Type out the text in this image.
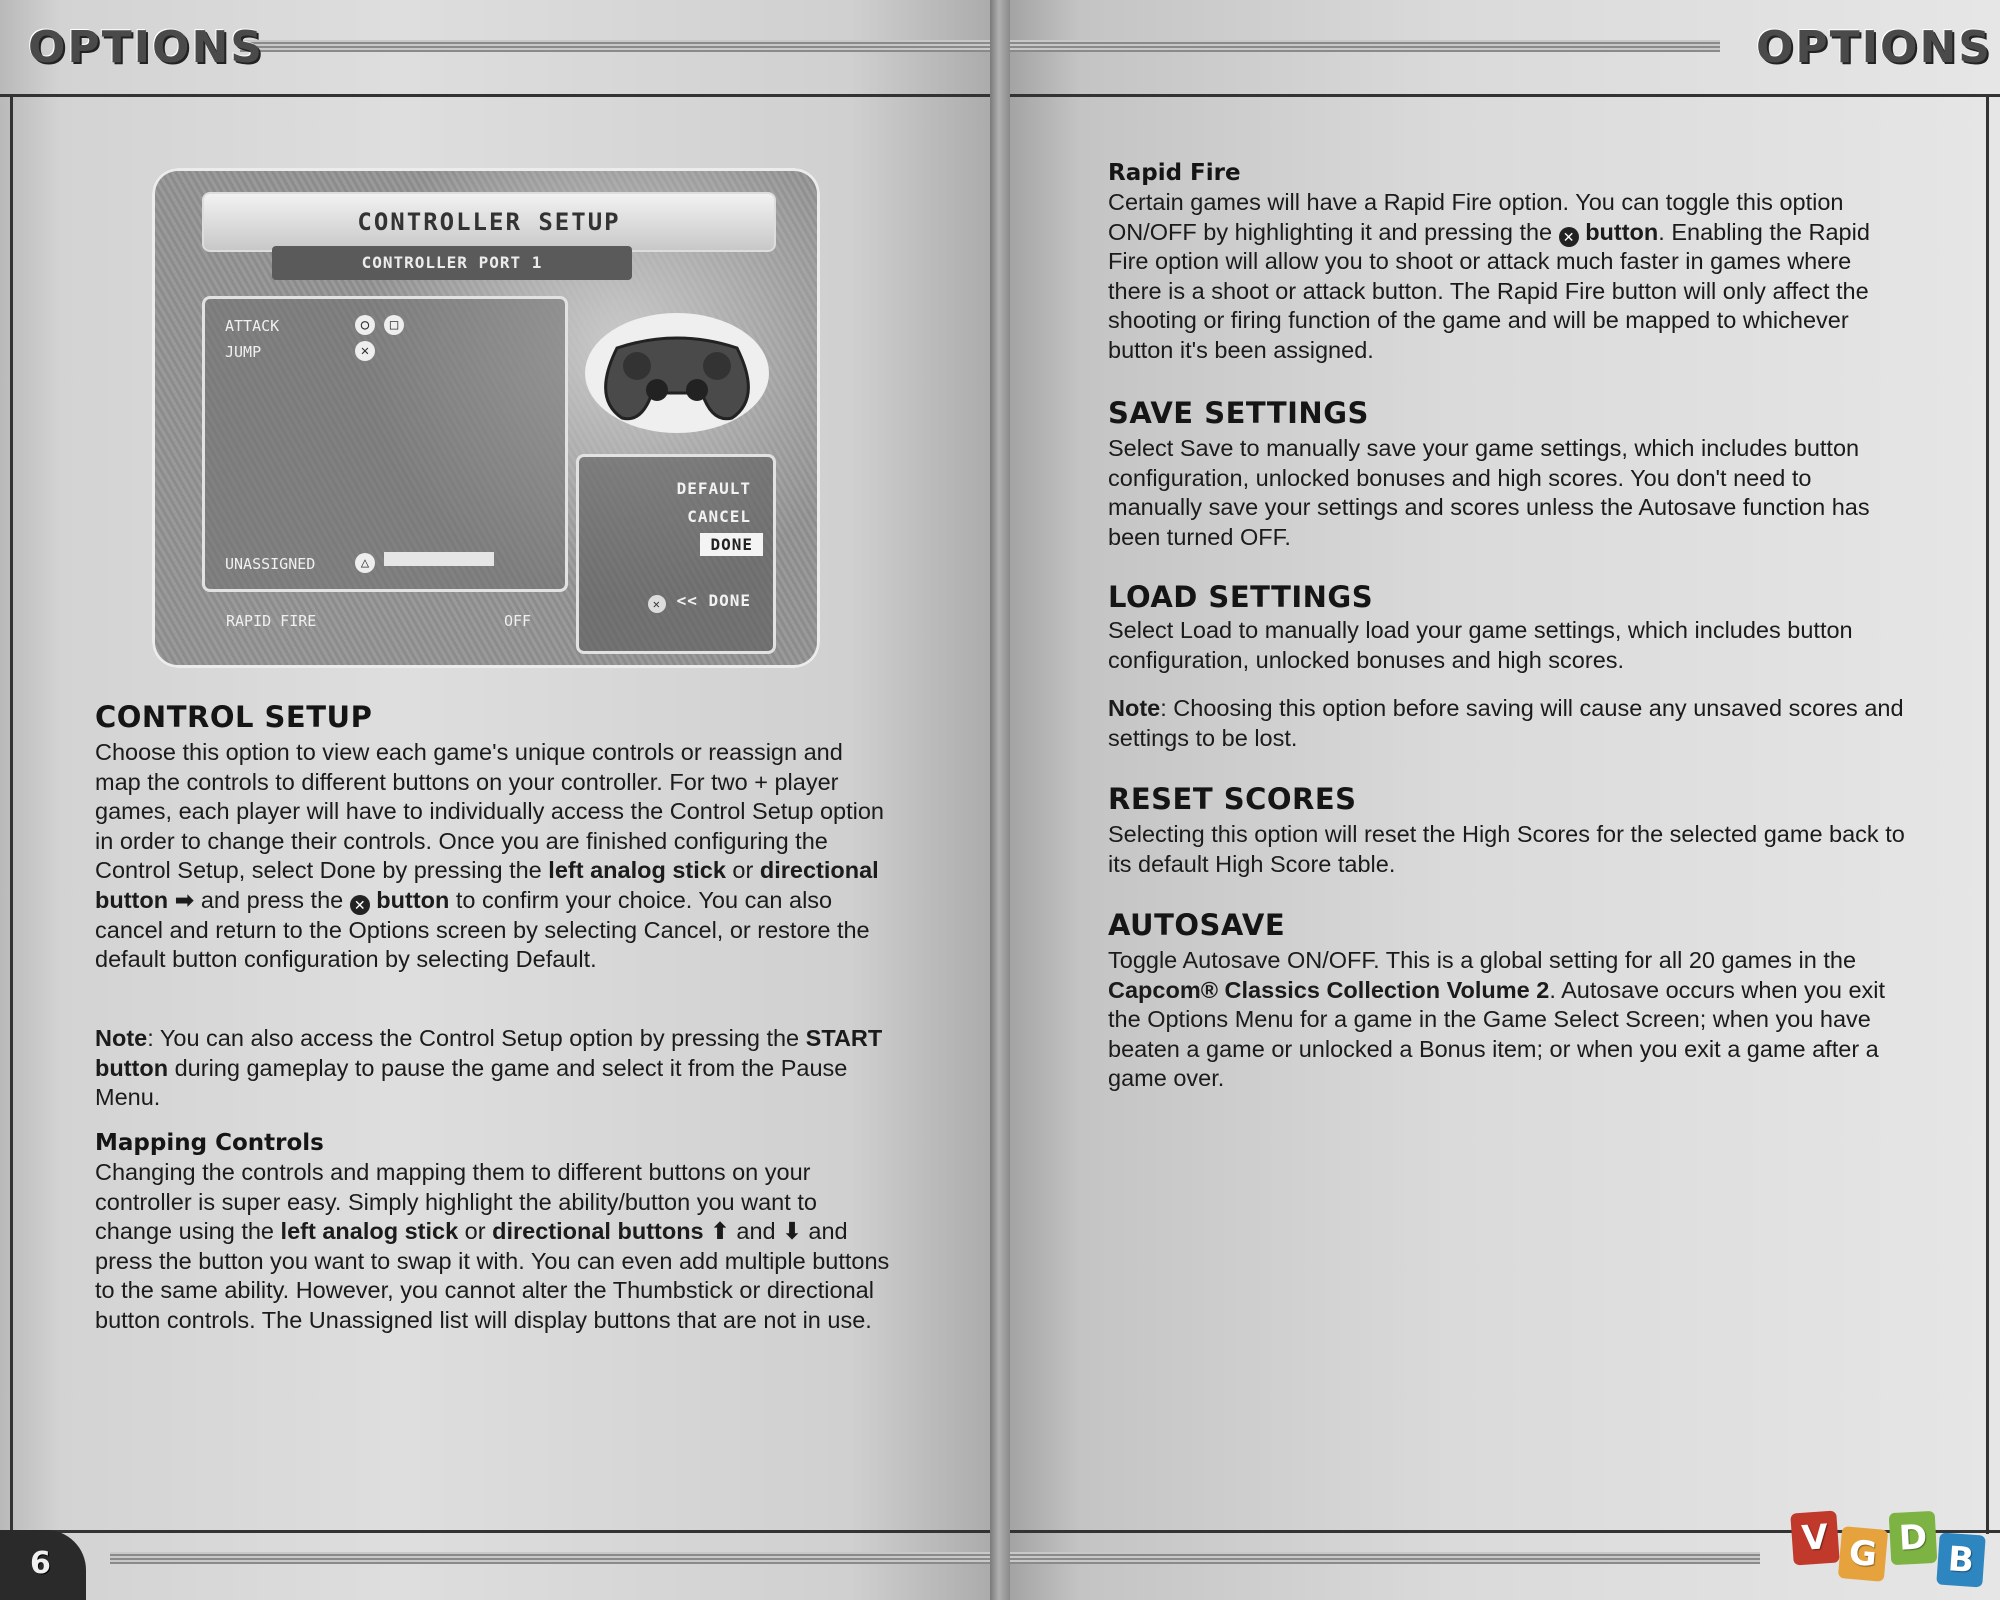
OPTIONS	OPTIONS
CONTROLLER SETUP
CONTROLLER PORT 1
ATTACK	○ □
JUMP	✕
UNASSIGNED	△
RAPID FIRE	OFF
DEFAULT
CANCEL
DONE
✕ << DONE
CONTROL SETUP

Choose this option to view each game's unique controls or reassign and map the controls to different buttons on your controller. For two + player games, each player will have to individually access the Control Setup option in order to change their controls. Once you are finished configuring the Control Setup, select Done by pressing the left analog stick or directional button ➡ and press the ✕ button to confirm your choice. You can also cancel and return to the Options screen by selecting Cancel, or restore the default button configuration by selecting Default.

Note: You can also access the Control Setup option by pressing the START button during gameplay to pause the game and select it from the Pause Menu.

Mapping Controls

Changing the controls and mapping them to different buttons on your controller is super easy. Simply highlight the ability/button you want to change using the left analog stick or directional buttons ⬆ and ⬇ and press the button you want to swap it with. You can even add multiple buttons to the same ability. However, you cannot alter the Thumbstick or directional button controls. The Unassigned list will display buttons that are not in use.

Rapid Fire

Certain games will have a Rapid Fire option. You can toggle this option ON/OFF by highlighting it and pressing the ✕ button. Enabling the Rapid Fire option will allow you to shoot or attack much faster in games where there is a shoot or attack button. The Rapid Fire button will only affect the shooting or firing function of the game and will be mapped to whichever button it's been assigned.

SAVE SETTINGS

Select Save to manually save your game settings, which includes button configuration, unlocked bonuses and high scores. You don't need to manually save your settings and scores unless the Autosave function has been turned OFF.

LOAD SETTINGS

Select Load to manually load your game settings, which includes button configuration, unlocked bonuses and high scores.

Note: Choosing this option before saving will cause any unsaved scores and settings to be lost.

RESET SCORES

Selecting this option will reset the High Scores for the selected game back to its default High Score table.

AUTOSAVE

Toggle Autosave ON/OFF. This is a global setting for all 20 games in the Capcom® Classics Collection Volume 2. Autosave occurs when you exit the Options Menu for a game in the Game Select Screen; when you have beaten a game or unlocked a Bonus item; or when you exit a game after a game over.

6
V G D
B
